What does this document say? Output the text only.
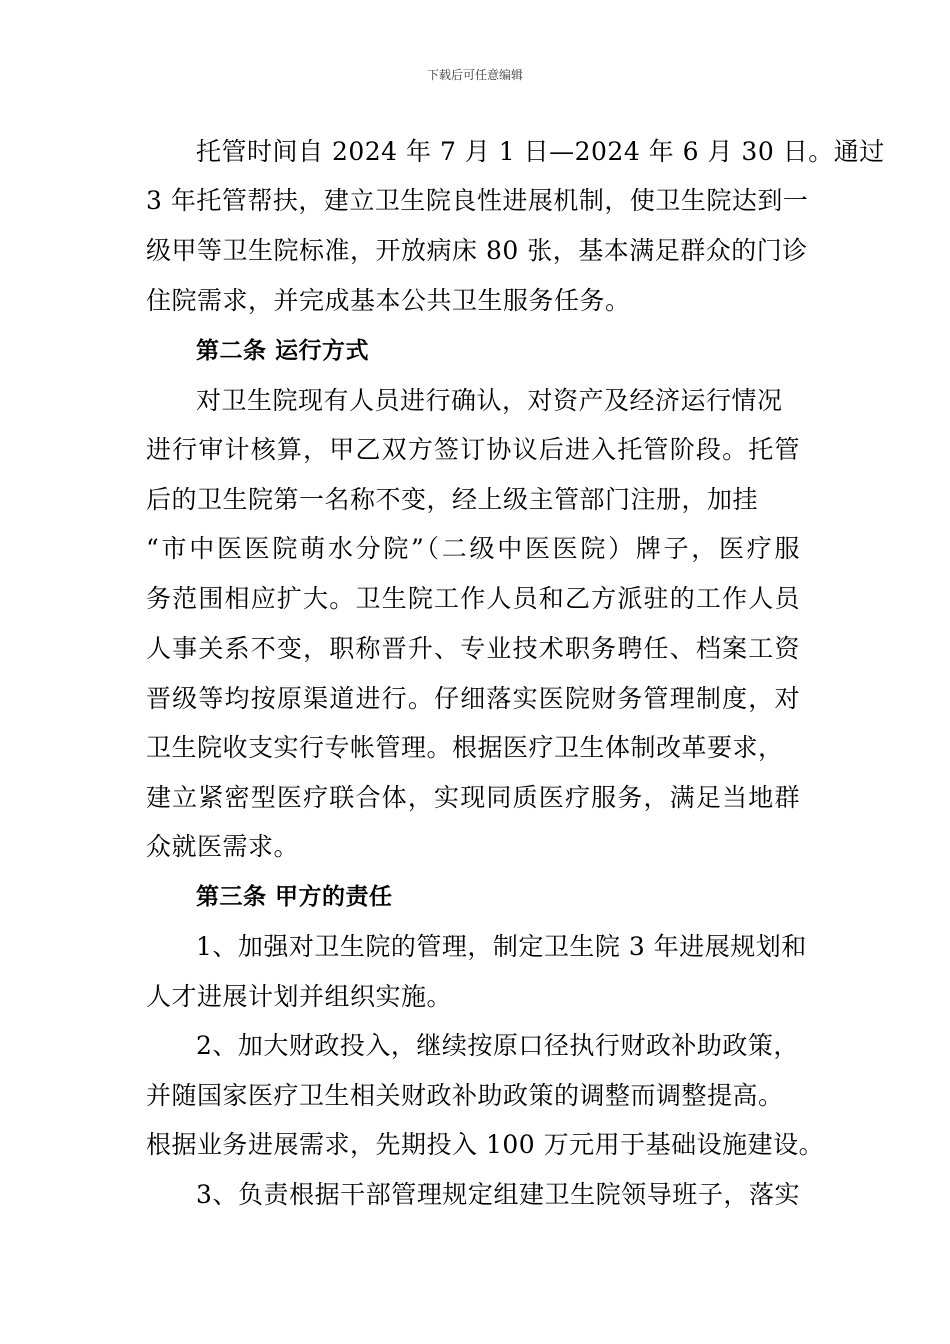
下载后可任意编辑
托管时间自 2024 年 7 月 1 日—2024 年 6 月 30 日。通过
3 年托管帮扶，建立卫生院良性进展机制，使卫生院达到一
级甲等卫生院标准，开放病床 80 张，基本满足群众的门诊
住院需求，并完成基本公共卫生服务任务。
第二条 运行方式
对卫生院现有人员进行确认，对资产及经济运行情况
进行审计核算，甲乙双方签订协议后进入托管阶段。托管
后的卫生院第一名称不变，经上级主管部门注册，加挂
“市中医医院萌水分院”（二级中医医院）牌子，医疗服
务范围相应扩大。卫生院工作人员和乙方派驻的工作人员
人事关系不变，职称晋升、专业技术职务聘任、档案工资
晋级等均按原渠道进行。仔细落实医院财务管理制度，对
卫生院收支实行专帐管理。根据医疗卫生体制改革要求，
建立紧密型医疗联合体，实现同质医疗服务，满足当地群
众就医需求。
第三条 甲方的责任
1、加强对卫生院的管理，制定卫生院 3 年进展规划和
人才进展计划并组织实施。
2、加大财政投入，继续按原口径执行财政补助政策，
并随国家医疗卫生相关财政补助政策的调整而调整提高。
根据业务进展需求，先期投入 100 万元用于基础设施建设。
3、负责根据干部管理规定组建卫生院领导班子，落实
